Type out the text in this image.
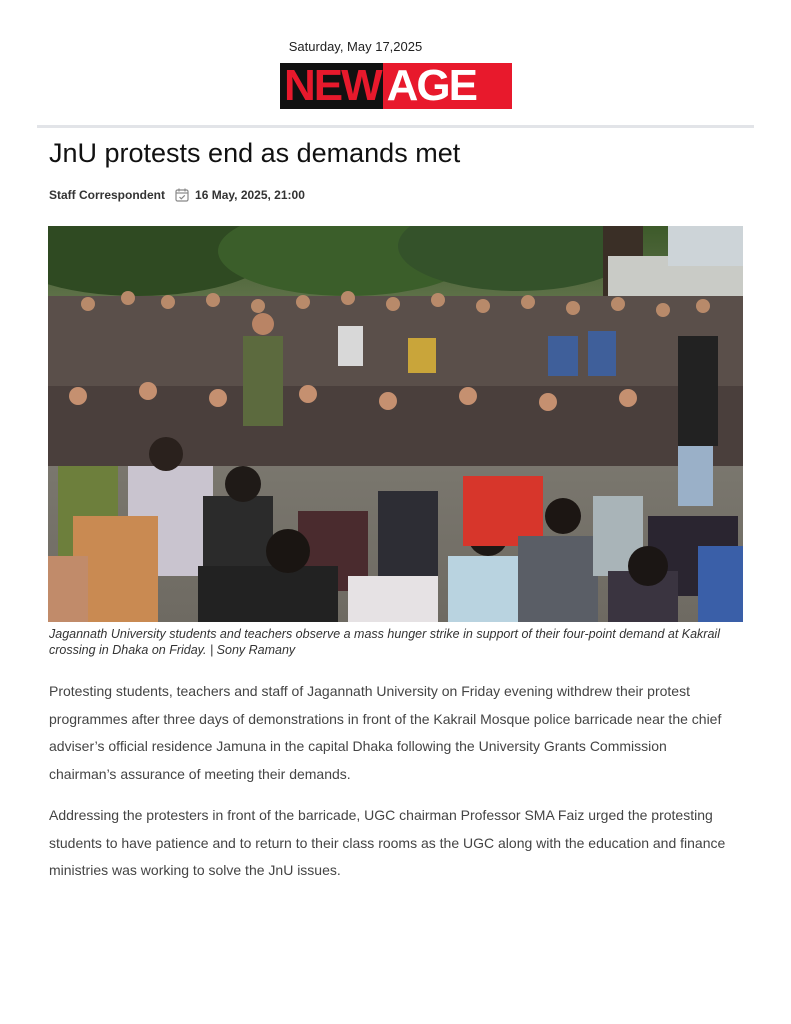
Saturday, May 17,2025
NEW AGE
JnU protests end as demands met
Staff Correspondent	16 May, 2025, 21:00
Jagannath University students and teachers observe a mass hunger strike in support of their four-point demand at Kakrail crossing in Dhaka on Friday. | Sony Ramany

Protesting students, teachers and staff of Jagannath University on Friday evening withdrew their protest programmes after three days of demonstrations in front of the Kakrail Mosque police barricade near the chief adviser’s official residence Jamuna in the capital Dhaka following the University Grants Commission chairman’s assurance of meeting their demands.

Addressing the protesters in front of the barricade, UGC chairman Professor SMA Faiz urged the protesting students to have patience and to return to their class rooms as the UGC along with the education and finance ministries was working to solve the JnU issues.
